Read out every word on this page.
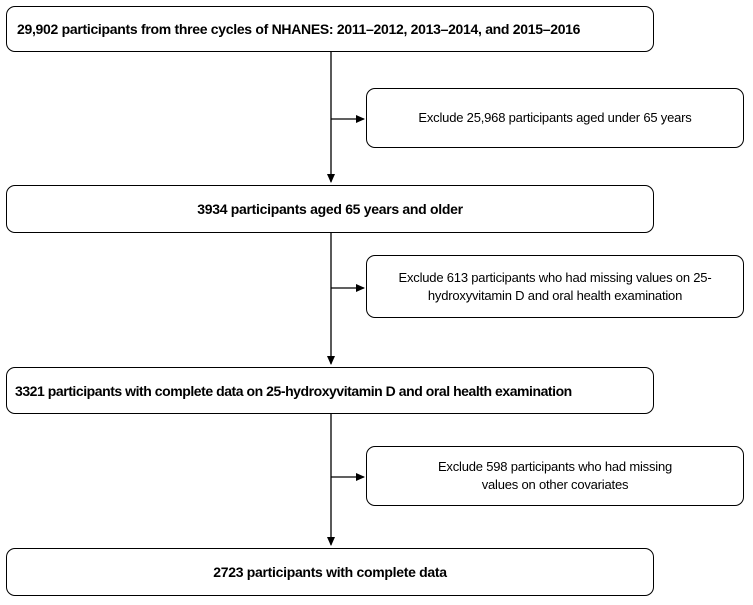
29,902 participants from three cycles of NHANES: 2011–2012, 2013–2014, and 2015–2016
3934 participants aged 65 years and older
3321 participants with complete data on 25-hydroxyvitamin D and oral health examination
2723 participants with complete data
Exclude 25,968 participants aged under 65 years
Exclude 613 participants who had missing values on 25-hydroxyvitamin D and oral health examination
Exclude 598 participants who had missing values on other covariates
